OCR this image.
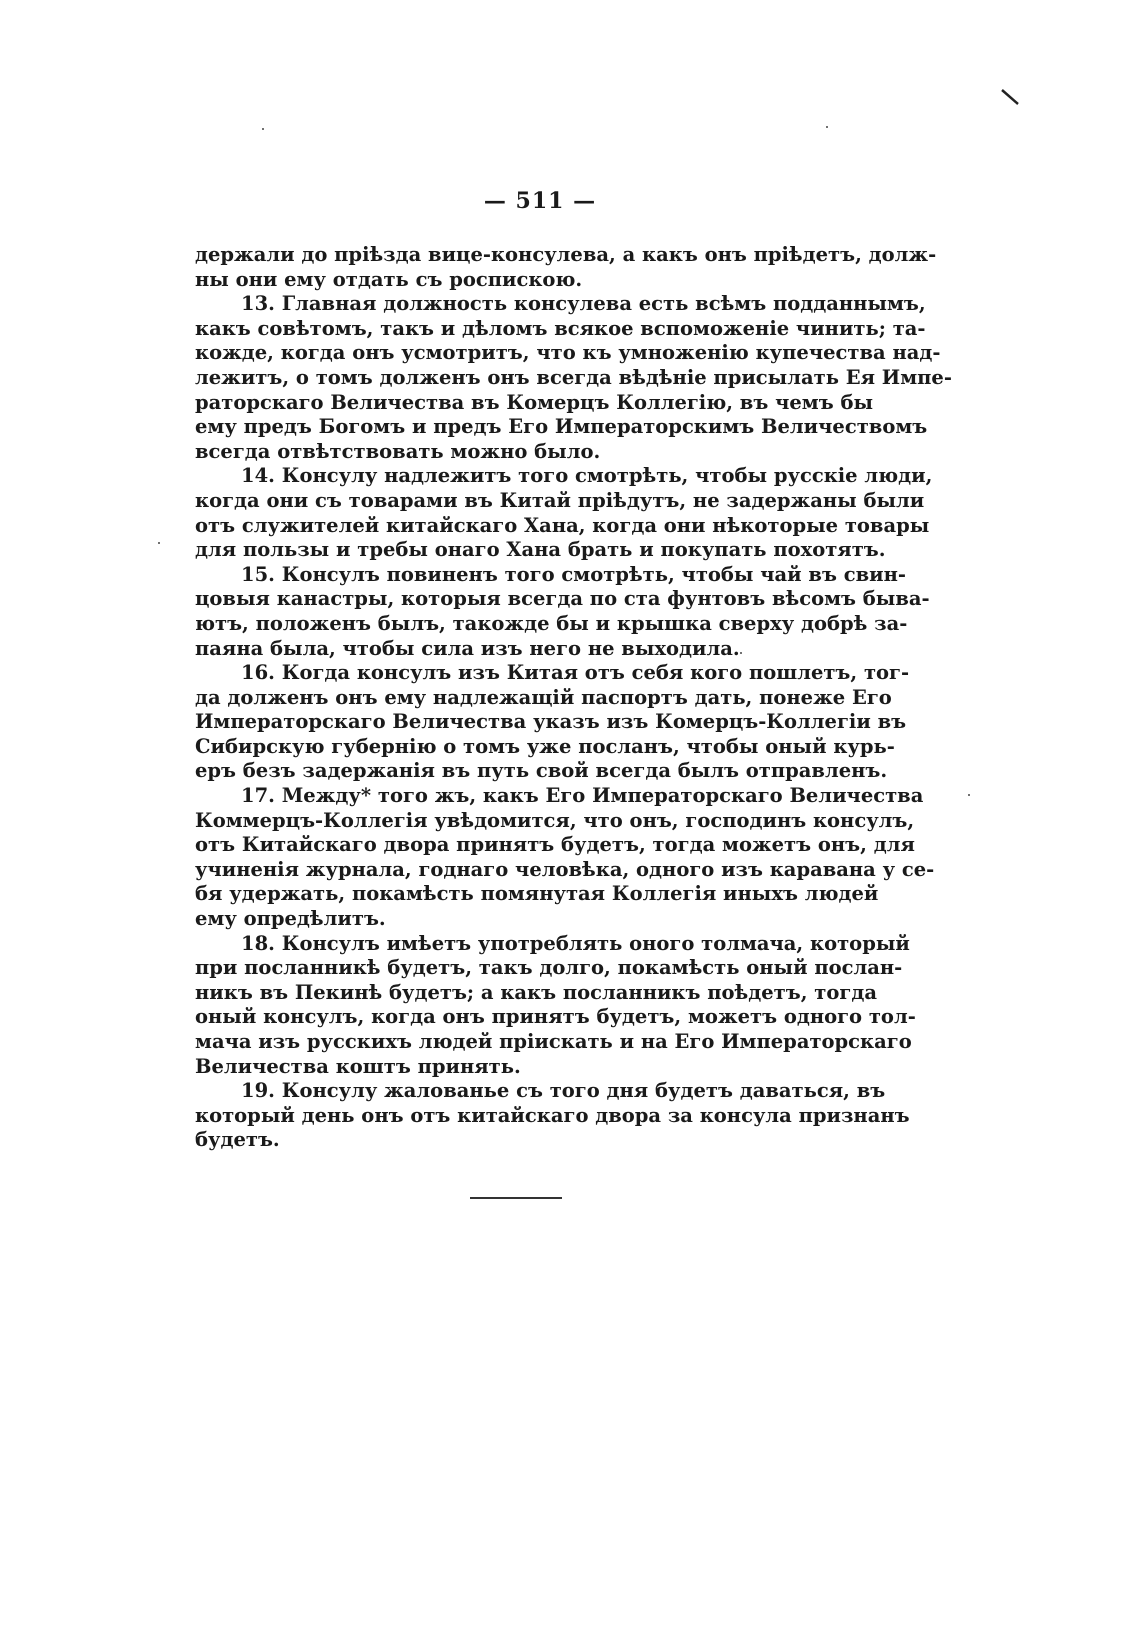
— 511 —

держали до пріѣзда вице-консулева, а какъ онъ пріѣдетъ, долж-
ны они ему отдать съ роспискою.

13. Главная должность консулева есть всѣмъ подданнымъ,
какъ совѣтомъ, такъ и дѣломъ всякое вспоможеніе чинить; та-
кожде, когда онъ усмотритъ, что къ умноженію купечества над-
лежитъ, о томъ долженъ онъ всегда вѣдѣніе присылать Ея Импе-
раторскаго Величества въ Комерцъ Коллегію, въ чемъ бы
ему предъ Богомъ и предъ Его Императорскимъ Величествомъ
всегда отвѣтствовать можно было.

14. Консулу надлежитъ того смотрѣть, чтобы русскіе люди,
когда они съ товарами въ Китай пріѣдутъ, не задержаны были
отъ служителей китайскаго Хана, когда они нѣкоторые товары
для пользы и требы онаго Хана брать и покупать похотятъ.

15. Консулъ повиненъ того смотрѣть, чтобы чай въ свин-
цовыя канастры, которыя всегда по ста фунтовъ вѣсомъ быва-
ютъ, положенъ былъ, такожде бы и крышка сверху добрѣ за-
паяна была, чтобы сила изъ него не выходила.

16. Когда консулъ изъ Китая отъ себя кого пошлетъ, тог-
да долженъ онъ ему надлежащій паспортъ дать, понеже Его
Императорскаго Величества указъ изъ Комерцъ-Коллегіи въ
Сибирскую губернію о томъ уже посланъ, чтобы оный курь-
еръ безъ задержанія въ путь свой всегда былъ отправленъ.

17. Между* того жъ, какъ Его Императорскаго Величества
Коммерцъ-Коллегія увѣдомится, что онъ, господинъ консулъ,
отъ Китайскаго двора принятъ будетъ, тогда можетъ онъ, для
учиненія журнала, годнаго человѣка, одного изъ каравана у се-
бя удержать, покамѣсть помянутая Коллегія иныхъ людей
ему опредѣлитъ.

18. Консулъ имѣетъ употреблять оного толмача, который
при посланникѣ будетъ, такъ долго, покамѣсть оный послан-
никъ въ Пекинѣ будетъ; а какъ посланникъ поѣдетъ, тогда
оный консулъ, когда онъ принятъ будетъ, можетъ одного тол-
мача изъ русскихъ людей пріискать и на Его Императорскаго
Величества коштъ принять.

19. Консулу жалованье съ того дня будетъ даваться, въ
который день онъ отъ китайскаго двора за консула признанъ
будетъ.
